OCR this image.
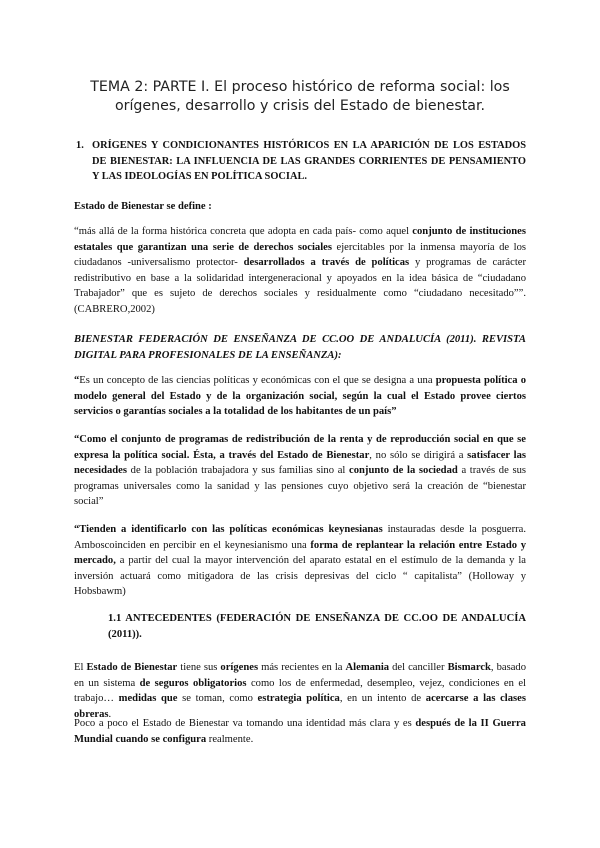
TEMA 2: PARTE I. El proceso histórico de reforma social: los
orígenes, desarrollo y crisis del Estado de bienestar.
1. ORÍGENES Y CONDICIONANTES HISTÓRICOS EN LA APARICIÓN DE LOS ESTADOS DE BIENESTAR: LA INFLUENCIA DE LAS GRANDES CORRIENTES DE PENSAMIENTO Y LAS IDEOLOGÍAS EN POLÍTICA SOCIAL.
Estado de Bienestar se define :
“más allá de la forma histórica concreta que adopta en cada país- como aquel conjunto de instituciones estatales que garantizan una serie de derechos sociales ejercitables por la inmensa mayoría de los ciudadanos -universalismo protector- desarrollados a través de políticas y programas de carácter redistributivo en base a la solidaridad intergeneracional y apoyados en la idea básica de “ciudadano Trabajador” que es sujeto de derechos sociales y residualmente como “ciudadano necesitado””. (CABRERO,2002)
BIENESTAR FEDERACIÓN DE ENSEÑANZA DE CC.OO DE ANDALUCÍA (2011). REVISTA DIGITAL PARA PROFESIONALES DE LA ENSEÑANZA):
“Es un concepto de las ciencias políticas y económicas con el que se designa a una propuesta política o modelo general del Estado y de la organización social, según la cual el Estado provee ciertos servicios o garantías sociales a la totalidad de los habitantes de un país”
“Como el conjunto de programas de redistribución de la renta y de reproducción social en que se expresa la política social. Ésta, a través del Estado de Bienestar, no sólo se dirigirá a satisfacer las necesidades de la población trabajadora y sus familias sino al conjunto de la sociedad a través de sus programas universales como la sanidad y las pensiones cuyo objetivo será la creación de “bienestar social”
“Tienden a identificarlo con las políticas económicas keynesianas instauradas desde la posguerra. Amboscoinciden en percibir en el keynesianismo una forma de replantear la relación entre Estado y mercado, a partir del cual la mayor intervención del aparato estatal en el estímulo de la demanda y la inversión actuará como mitigadora de las crisis depresivas del ciclo “ capitalista” (Holloway y Hobsbawm)
1.1 ANTECEDENTES (FEDERACIÓN DE ENSEÑANZA DE CC.OO DE ANDALUCÍA (2011)).
El Estado de Bienestar tiene sus orígenes más recientes en la Alemania del canciller Bismarck, basado en un sistema de seguros obligatorios como los de enfermedad, desempleo, vejez, condiciones en el trabajo… medidas que se toman, como estrategia política, en un intento de acercarse a las clases obreras.
Poco a poco el Estado de Bienestar va tomando una identidad más clara y es después de la II Guerra Mundial cuando se configura realmente.
